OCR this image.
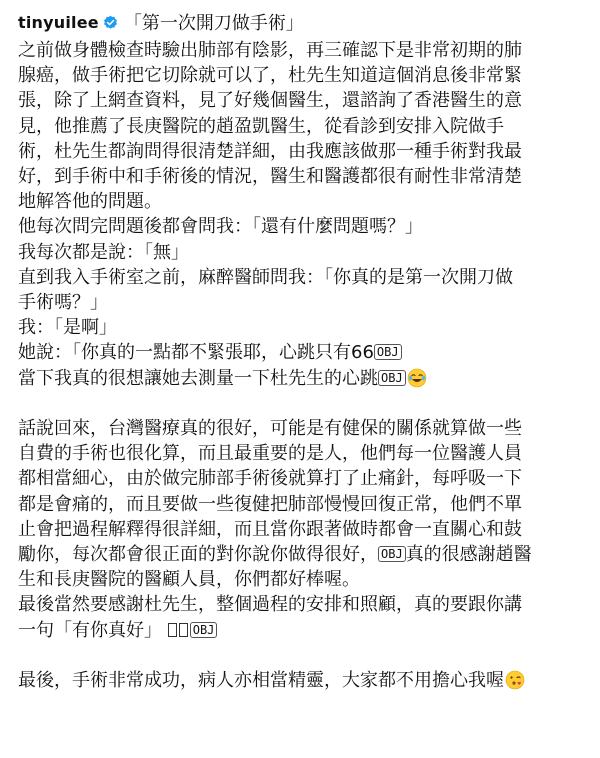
tinyuilee 「第一次開刀做手術」

之前做身體檢查時驗出肺部有陰影，再三確認下是非常初期的肺

腺癌，做手術把它切除就可以了，杜先生知道這個消息後非常緊

張，除了上網查資料，見了好幾個醫生，還諮詢了香港醫生的意

見，他推薦了長庚醫院的趙盈凱醫生，從看診到安排入院做手

術，杜先生都詢問得很清楚詳細，由我應該做那一種手術對我最

好，到手術中和手術後的情況，醫生和醫護都很有耐性非常清楚

地解答他的問題。

他每次問完問題後都會問我：「還有什麼問題嗎？」

我每次都是說：「無」

直到我入手術室之前，麻醉醫師問我：「你真的是第一次開刀做

手術嗎？」

我：「是啊」

她說：「你真的一點都不緊張耶，心跳只有66 OBJ

當下我真的很想讓她去測量一下杜先生的心跳 OBJ

話說回來，台灣醫療真的很好，可能是有健保的關係就算做一些

自費的手術也很化算，而且最重要的是人，他們每一位醫護人員

都相當細心，由於做完肺部手術後就算打了止痛針，每呼吸一下

都是會痛的，而且要做一些復健把肺部慢慢回復正常，他們不單

止會把過程解釋得很詳細，而且當你跟著做時都會一直關心和鼓

勵你，每次都會很正面的對你說你做得很好， OBJ 真的很感謝趙醫

生和長庚醫院的醫顧人員，你們都好棒喔。

最後當然要感謝杜先生，整個過程的安排和照顧，真的要跟你講

一句「有你真好」	OBJ

最後，手術非常成功，病人亦相當精靈，大家都不用擔心我喔
